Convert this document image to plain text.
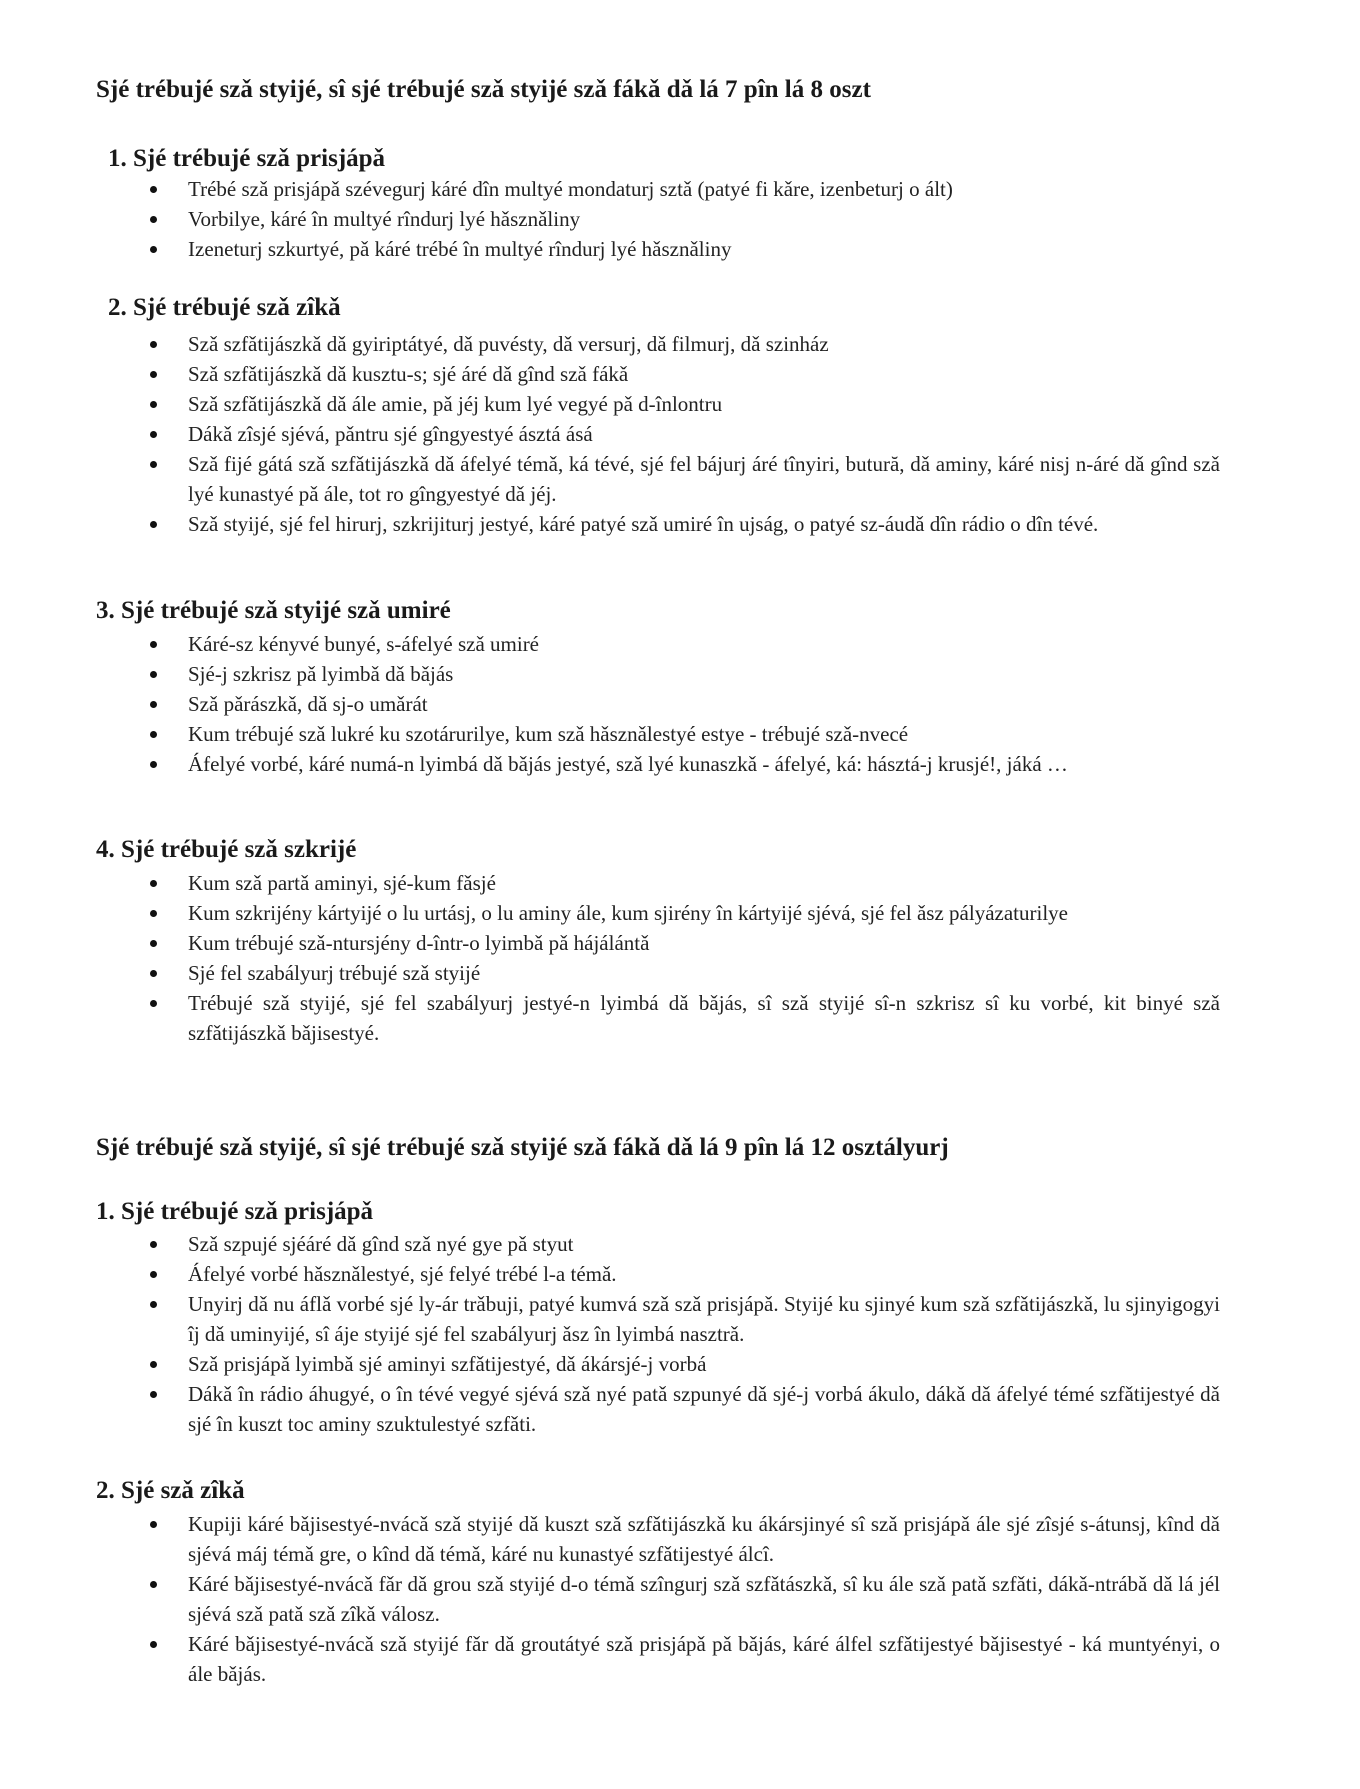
Sjé trébujé szǎ styijé, sî sjé trébujé szǎ styijé szǎ fákǎ dǎ lá 7 pîn lá 8 oszt
1. Sjé trébujé szǎ prisjápǎ
Trébé szǎ prisjápǎ szévegurj káré dîn multyé mondaturj sztǎ (patyé fi kǎre, izenbeturj o ált)
Vorbilye, káré în multyé rîndurj lyé hǎsznǎliny
Izeneturj szkurtyé, pǎ káré trébé în multyé rîndurj lyé hǎsznǎliny
2. Sjé trébujé szǎ zîkǎ
Szǎ szfǎtijászkǎ dǎ gyiriptátyé, dǎ puvésty, dǎ versurj, dǎ filmurj, dǎ szinház
Szǎ szfǎtijászkǎ dǎ kusztu-s; sjé áré dǎ gînd szǎ fákǎ
Szǎ szfǎtijászkǎ dǎ ále amie, pǎ jéj kum lyé vegyé pǎ d-înlontru
Dákǎ zîsjé sjévá, pǎntru sjé gîngyestyé ásztá ásá
Szǎ fijé gátá szǎ szfǎtijászkǎ dǎ áfelyé témǎ, ká tévé, sjé fel bájurj áré tînyiri, butură, dǎ aminy, káré nisj n-áré dǎ gînd szǎ lyé kunastyé pǎ ále, tot ro gîngyestyé dǎ jéj.
Szǎ styijé, sjé fel hirurj, szkrijiturj jestyé, káré patyé szǎ umiré în ujság, o patyé sz-áudǎ dîn rádio o dîn tévé.
3. Sjé trébujé szǎ styijé szǎ umiré
Káré-sz kényvé bunyé, s-áfelyé szǎ umiré
Sjé-j szkrisz pǎ lyimbǎ dǎ bǎjás
Szǎ pǎrászkǎ, dǎ sj-o umǎrát
Kum trébujé szǎ lukré ku szotárurilye, kum szǎ hǎsznǎlestyé estye - trébujé szǎ-nvecé
Áfelyé vorbé, káré numá-n lyimbá dǎ bǎjás jestyé, szǎ lyé kunaszkǎ - áfelyé, ká: hásztá-j krusjé!, jáká …
4. Sjé trébujé szǎ szkrijé
Kum szǎ partǎ aminyi, sjé-kum fǎsjé
Kum szkrijény kártyijé o lu urtásj, o lu aminy ále, kum sjirény în kártyijé sjévá, sjé fel ǎsz pályázaturilye
Kum trébujé szǎ-ntursjény d-într-o lyimbǎ pǎ hájálántǎ
Sjé fel szabályurj trébujé szǎ styijé
Trébujé szǎ styijé, sjé fel szabályurj jestyé-n lyimbá dǎ bǎjás, sî szǎ styijé sî-n szkrisz sî ku vorbé, kit binyé szǎ szfǎtijászkǎ bǎjisestyé.
Sjé trébujé szǎ styijé, sî sjé trébujé szǎ styijé szǎ fákǎ dǎ lá 9 pîn lá 12 osztályurj
1. Sjé trébujé szǎ prisjápǎ
Szǎ szpujé sjéáré dǎ gînd szǎ nyé gye pǎ styut
Áfelyé vorbé hǎsznǎlestyé, sjé felyé trébé l-a témǎ.
Unyirj dǎ nu áflǎ vorbé sjé ly-ár trǎbuji, patyé kumvá szǎ szǎ prisjápǎ. Styijé ku sjinyé kum szǎ szfǎtijászkǎ, lu sjinyigogyi îj dǎ uminyijé, sî áje styijé sjé fel szabályurj ǎsz în lyimbá nasztrǎ.
Szǎ prisjápǎ lyimbǎ sjé aminyi szfǎtijestyé, dǎ ákársjé-j vorbá
Dákǎ în rádio áhugyé, o în tévé vegyé sjévá szǎ nyé patǎ szpunyé dǎ sjé-j vorbá ákulo, dákǎ dǎ áfelyé témé szfǎtijestyé dǎ sjé în kuszt toc aminy szuktulestyé szfǎti.
2. Sjé szǎ zîkǎ
Kupiji káré bǎjisestyé-nvácǎ szǎ styijé dǎ kuszt szǎ szfǎtijászkǎ ku ákársjinyé sî szǎ prisjápǎ ále sjé zîsjé s-átunsj, kînd dǎ sjévá máj témǎ gre, o kînd dǎ témǎ, káré nu kunastyé szfǎtijestyé álcî.
Káré bǎjisestyé-nvácǎ fǎr dǎ grou szǎ styijé d-o témǎ szîngurj szǎ szfǎtászkǎ, sî ku ále szǎ patǎ szfǎti, dákǎ-ntrábǎ dǎ lá jél sjévá szǎ patǎ szǎ zîkǎ válosz.
Káré bǎjisestyé-nvácǎ szǎ styijé fǎr dǎ groutátyé szǎ prisjápǎ pǎ bǎjás, káré álfel szfǎtijestyé bǎjisestyé - ká muntyényi, o ále bǎjás.
